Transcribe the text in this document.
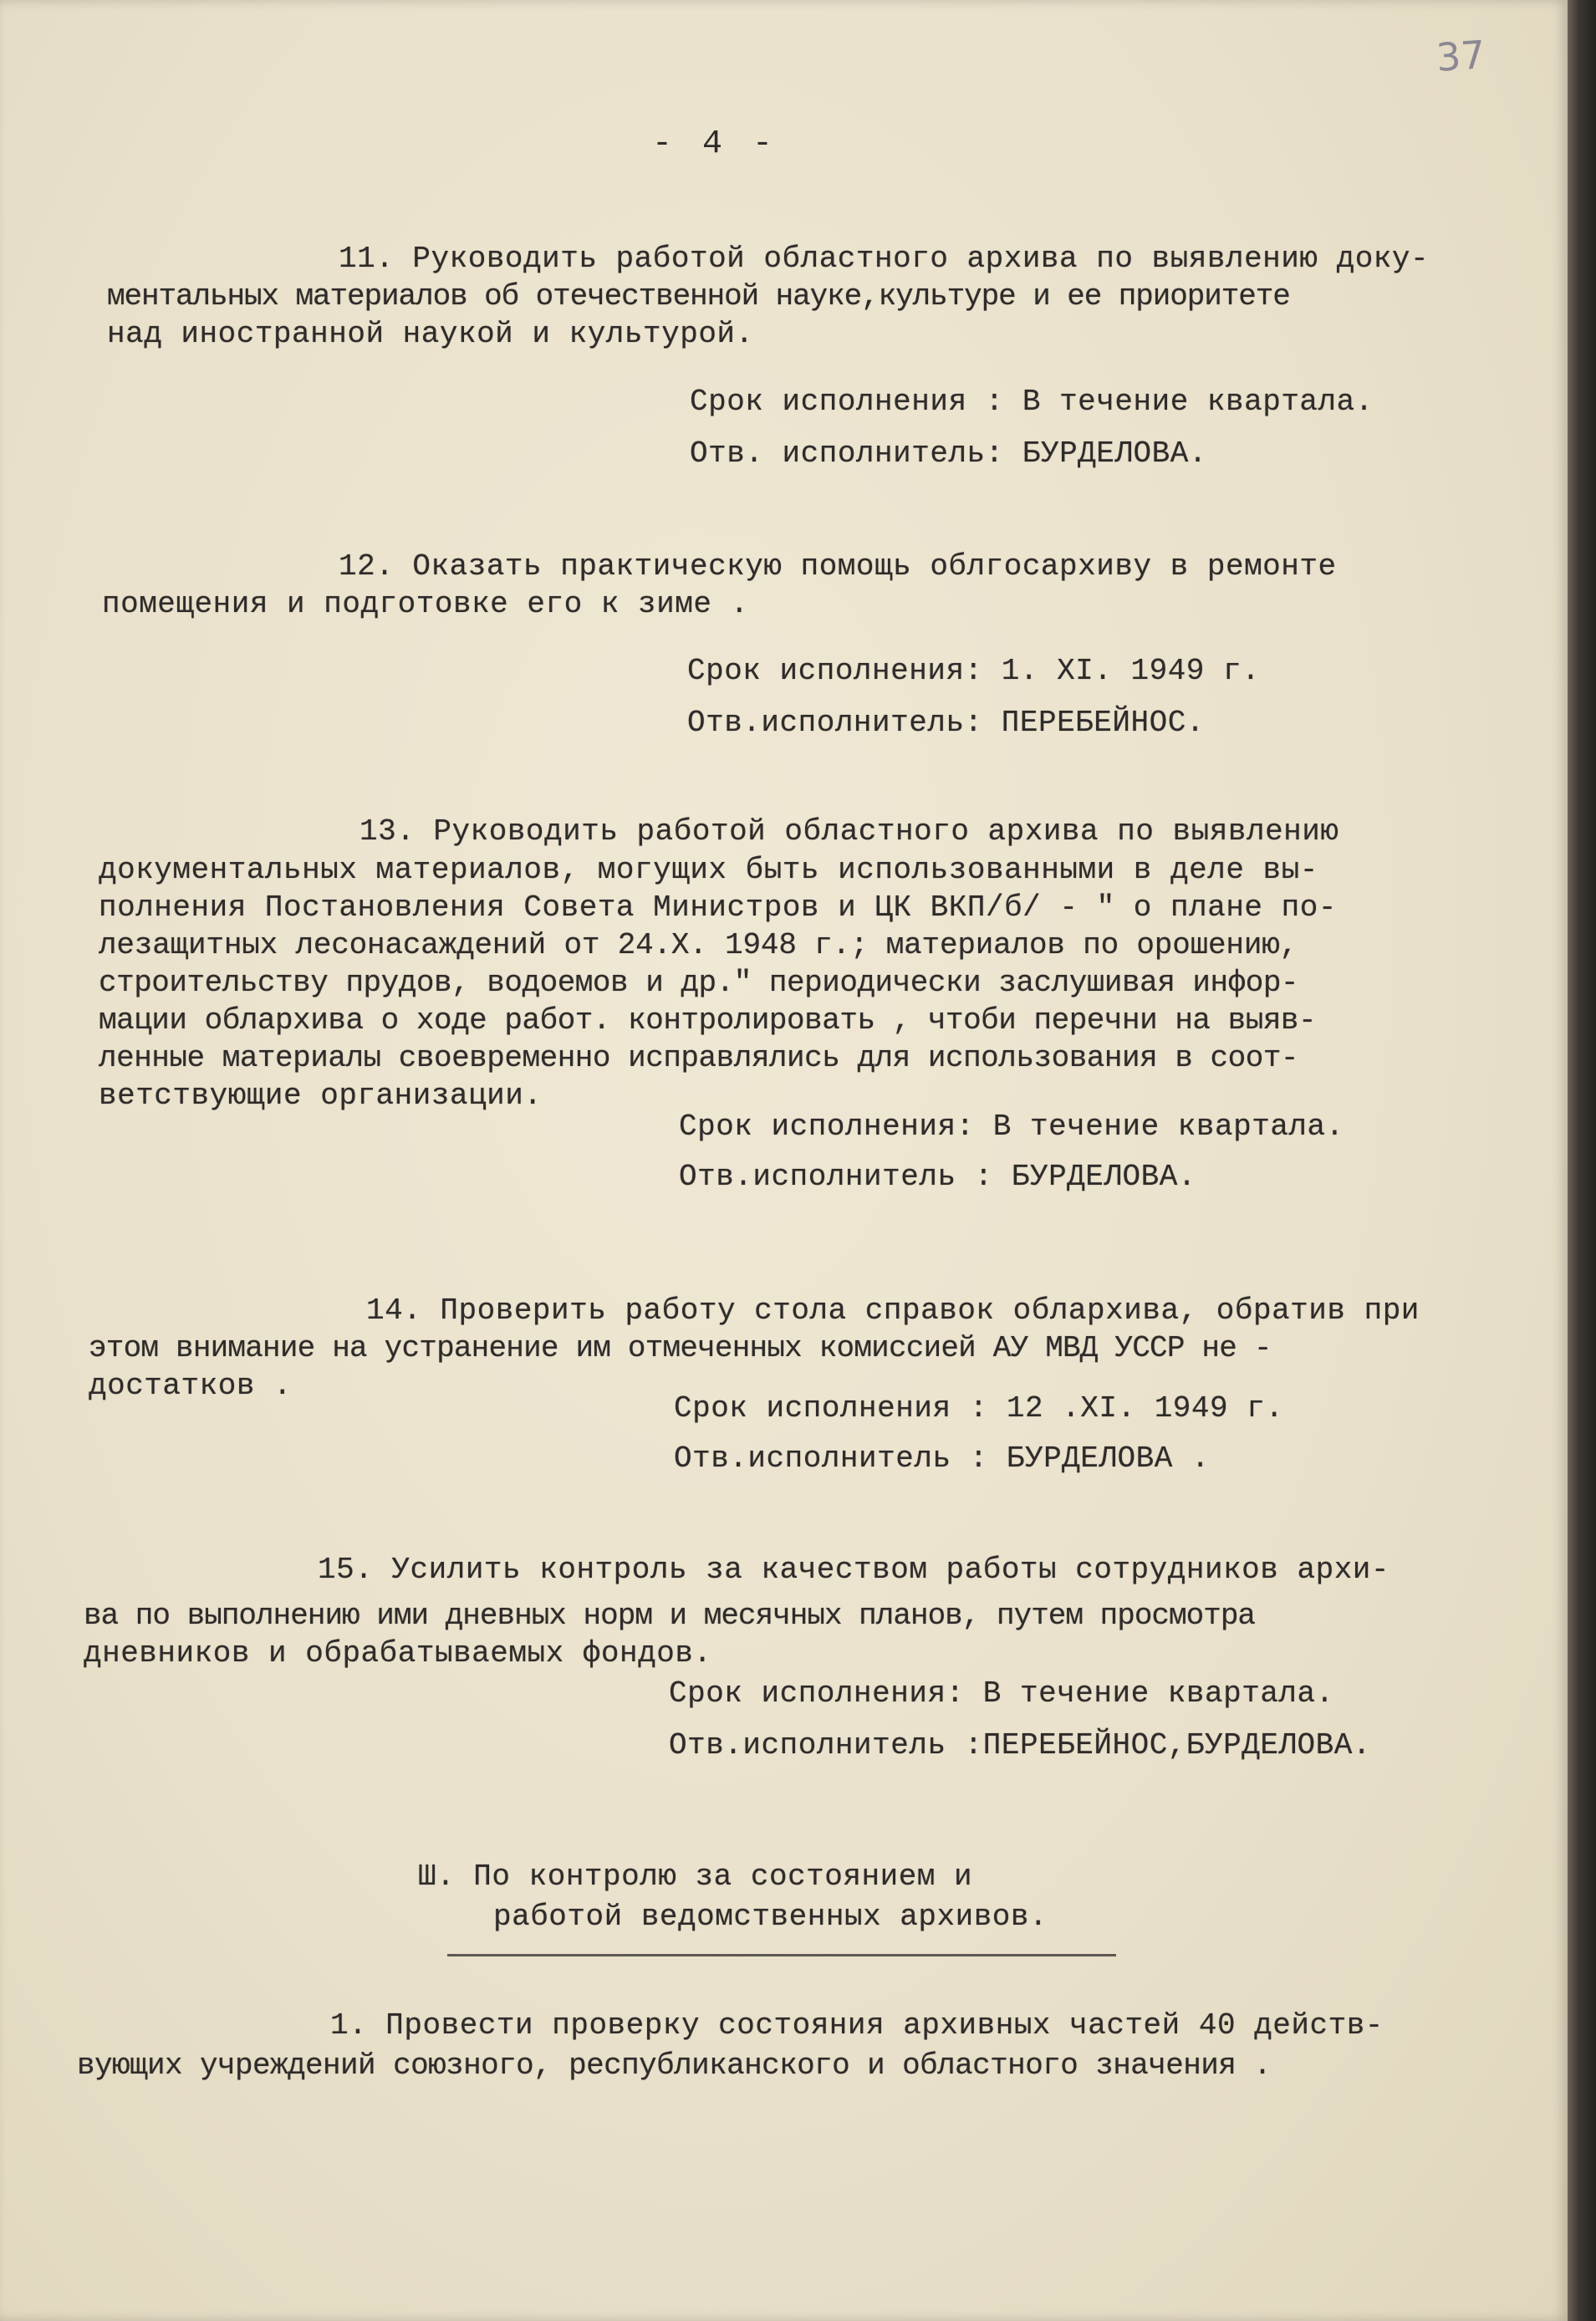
37
- 4 -
11. Руководить работой областного архива по выявлению доку-
ментальных материалов об отечественной науке,культуре и ее приоритете
над иностранной наукой и культурой.
Срок исполнения : В течение квартала.
Отв. исполнитель: БУРДЕЛОВА.
12. Оказать практическую помощь облгосархиву в ремонте
помещения и подготовке его к зиме .
Срок исполнения: 1. XI. 1949 г.
Отв.исполнитель: ПЕРЕБЕЙНОС.
13. Руководить работой областного архива по выявлению
документальных материалов, могущих быть использованными в деле вы-
полнения Постановления Совета Министров и ЦК ВКП/б/ - " о плане по-
лезащитных лесонасаждений от 24.X. 1948 г.; материалов по орошению,
строительству прудов, водоемов и др." периодически заслушивая инфор-
мации облархива о ходе работ. контролировать , чтоби перечни на выяв-
ленные материалы своевременно исправлялись для использования в соот-
ветствующие организации.
Срок исполнения: В течение квартала.
Отв.исполнитель : БУРДЕЛОВА.
14. Проверить работу стола справок облархива, обратив при
этом внимание на устранение им отмеченных комиссией АУ МВД УССР не -
достатков .
Срок исполнения : 12 .XI. 1949 г.
Отв.исполнитель : БУРДЕЛОВА .
15. Усилить контроль за качеством работы сотрудников архи-
ва по выполнению ими дневных норм и месячных планов, путем просмотра
дневников и обрабатываемых фондов.
Срок исполнения: В течение квартала.
Отв.исполнитель :ПЕРЕБЕЙНОС,БУРДЕЛОВА.
Ш. По контролю за состоянием и
работой ведомственных архивов.
1. Провести проверку состояния архивных частей 40 действ-
вующих учреждений союзного, республиканского и областного значения .
